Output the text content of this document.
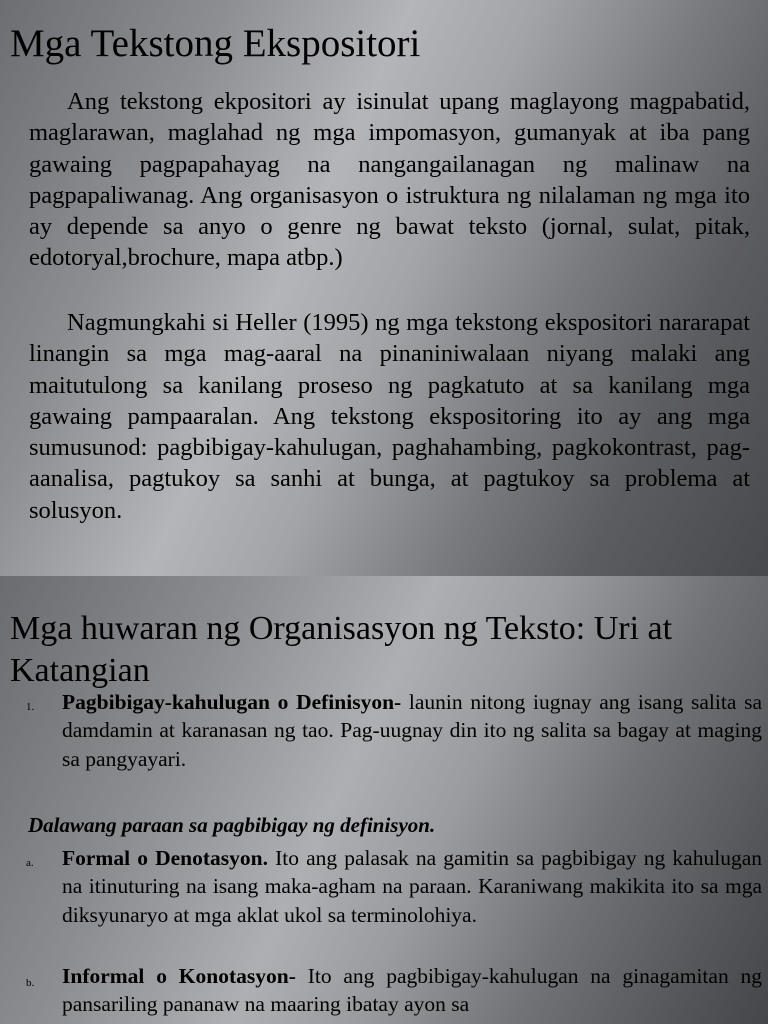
Mga Tekstong Ekspositori
Ang tekstong ekpositori ay isinulat upang maglayong magpabatid, maglarawan, maglahad ng mga impomasyon, gumanyak at iba pang gawaing pagpapahayag na nangangailanagan ng malinaw na pagpapaliwanag. Ang organisasyon o istruktura ng nilalaman ng mga ito ay depende sa anyo o genre ng bawat teksto (jornal, sulat, pitak, edotoryal,brochure, mapa atbp.)
Nagmungkahi si Heller (1995) ng mga tekstong ekspositori nararapat linangin sa mga mag-aaral na pinaniniwalaan niyang malaki ang maitutulong sa kanilang proseso ng pagkatuto at sa kanilang mga gawaing pampaaralan. Ang tekstong ekspositoring ito ay ang mga sumusunod: pagbibigay-kahulugan, paghahambing, pagkokontrast, pag-aanalisa, pagtukoy sa sanhi at bunga, at pagtukoy sa problema at solusyon.
Mga huwaran ng Organisasyon ng Teksto: Uri at Katangian
1. Pagbibigay-kahulugan o Definisyon- launin nitong iugnay ang isang salita sa damdamin at karanasan ng tao. Pag-uugnay din ito ng salita sa bagay at maging sa pangyayari.
Dalawang paraan sa pagbibigay ng definisyon.
a. Formal o Denotasyon. Ito ang palasak na gamitin sa pagbibigay ng kahulugan na itinuturing na isang maka-agham na paraan. Karaniwang makikita ito sa mga diksyunaryo at mga aklat ukol sa terminolohiya.
b. Informal o Konotasyon- Ito ang pagbibigay-kahulugan na ginagamitan ng pansariling pananaw na maaring ibatay ayon sa
